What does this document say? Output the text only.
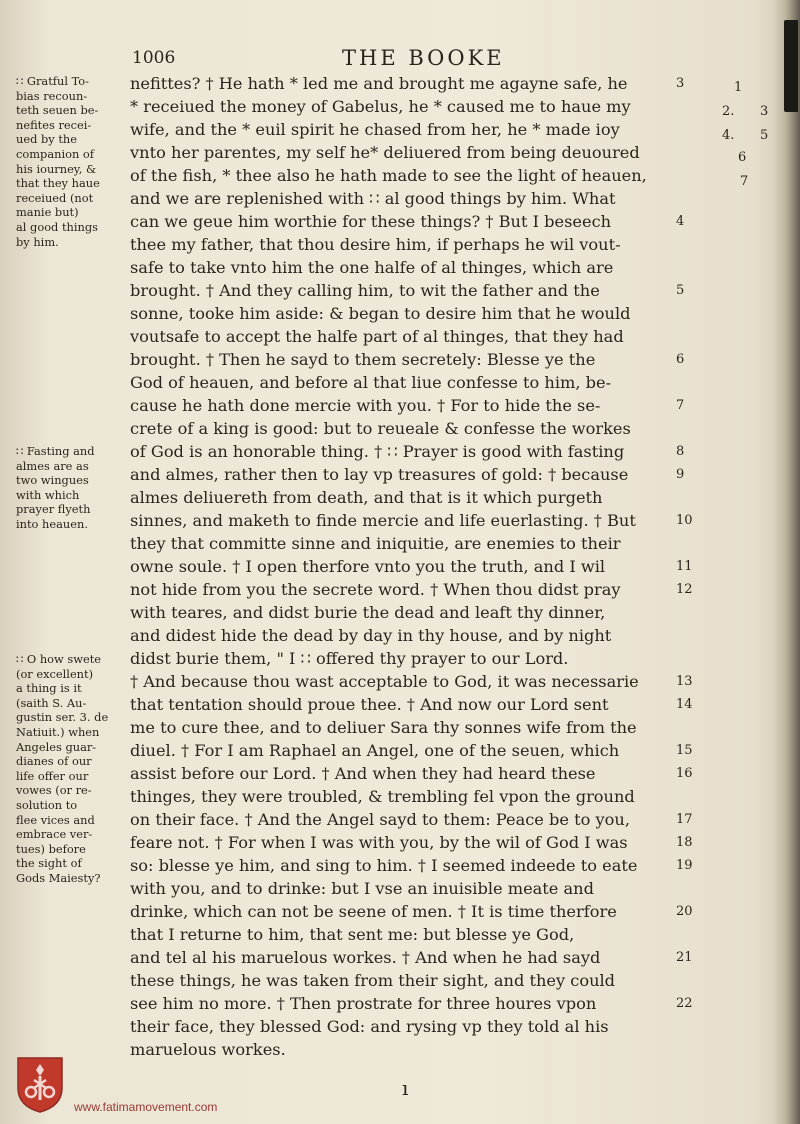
1006	THE BOOKE
nefittes? † He hath * led me and brought me agayne safe, he
* receiued the money of Gabelus, he * caused me to haue my
wife, and the * euil spirit he chased from her, he * made ioy
vnto her parentes, my self he* deliuered from being deuoured
of the fish, * thee also he hath made to see the light of heauen,
and we are replenished with ∷ al good things by him. What
can we geue him worthie for these things? † But I beseech
thee my father, that thou desire him, if perhaps he wil vout-
safe to take vnto him the one halfe of al thinges, which are
brought. † And they calling him, to wit the father and the
sonne, tooke him aside: & began to desire him that he would
voutsafe to accept the halfe part of al thinges, that they had
brought. † Then he sayd to them secretely: Blesse ye the
God of heauen, and before al that liue confesse to him, be-
cause he hath done mercie with you. † For to hide the se-
crete of a king is good: but to reueale & confesse the workes
of God is an honorable thing. † ∷ Prayer is good with fasting
and almes, rather then to lay vp treasures of gold: † because
almes deliuereth from death, and that is it which purgeth
sinnes, and maketh to finde mercie and life euerlasting. † But
they that committe sinne and iniquitie, are enemies to their
owne soule. † I open therfore vnto you the truth, and I wil
not hide from you the secrete word. † When thou didst pray
with teares, and didst burie the dead and leaft thy dinner,
and didest hide the dead by day in thy house, and by night
didst burie them, " I ∷ offered thy prayer to our Lord.
† And because thou wast acceptable to God, it was necessarie
that tentation should proue thee. † And now our Lord sent
me to cure thee, and to deliuer Sara thy sonnes wife from the
diuel. † For I am Raphael an Angel, one of the seuen, which
assist before our Lord. † And when they had heard these
thinges, they were troubled, & trembling fel vpon the ground
on their face. † And the Angel sayd to them: Peace be to you,
feare not. † For when I was with you, by the wil of God I was
so: blesse ye him, and sing to him. † I seemed indeede to eate
with you, and to drinke: but I vse an inuisible meate and
drinke, which can not be seene of men. † It is time therfore
that I returne to him, that sent me: but blesse ye God,
and tel al his maruelous workes. † And when he had sayd
these things, he was taken from their sight, and they could
see him no more. † Then prostrate for three houres vpon
their face, they blessed God: and rysing vp they told al his
maruelous workes.
∷ Gratful To-
bias recoun-
teth seuen be-
nefites recei-
ued by the
companion of
his iourney, &
that they haue
receiued (not
manie but)
al good things
by him.
∷ Fasting and
almes are as
two wingues
with which
prayer flyeth
into heauen.
∷ O how swete
(or excellent)
a thing is it
(saith S. Au-
gustin ser. 3. de
Natiuit.) when
Angeles guar-
dianes of our
life offer our
vowes (or re-
solution to
flee vices and
embrace ver-
tues) before
the sight of
Gods Maiesty?
3
4
5
6
7
8
9
10
11
12
13
14
15
16
17
18
19
20
21
22
1
2. 3
4. 5
6
7
www.fatimamovement.com
ı
